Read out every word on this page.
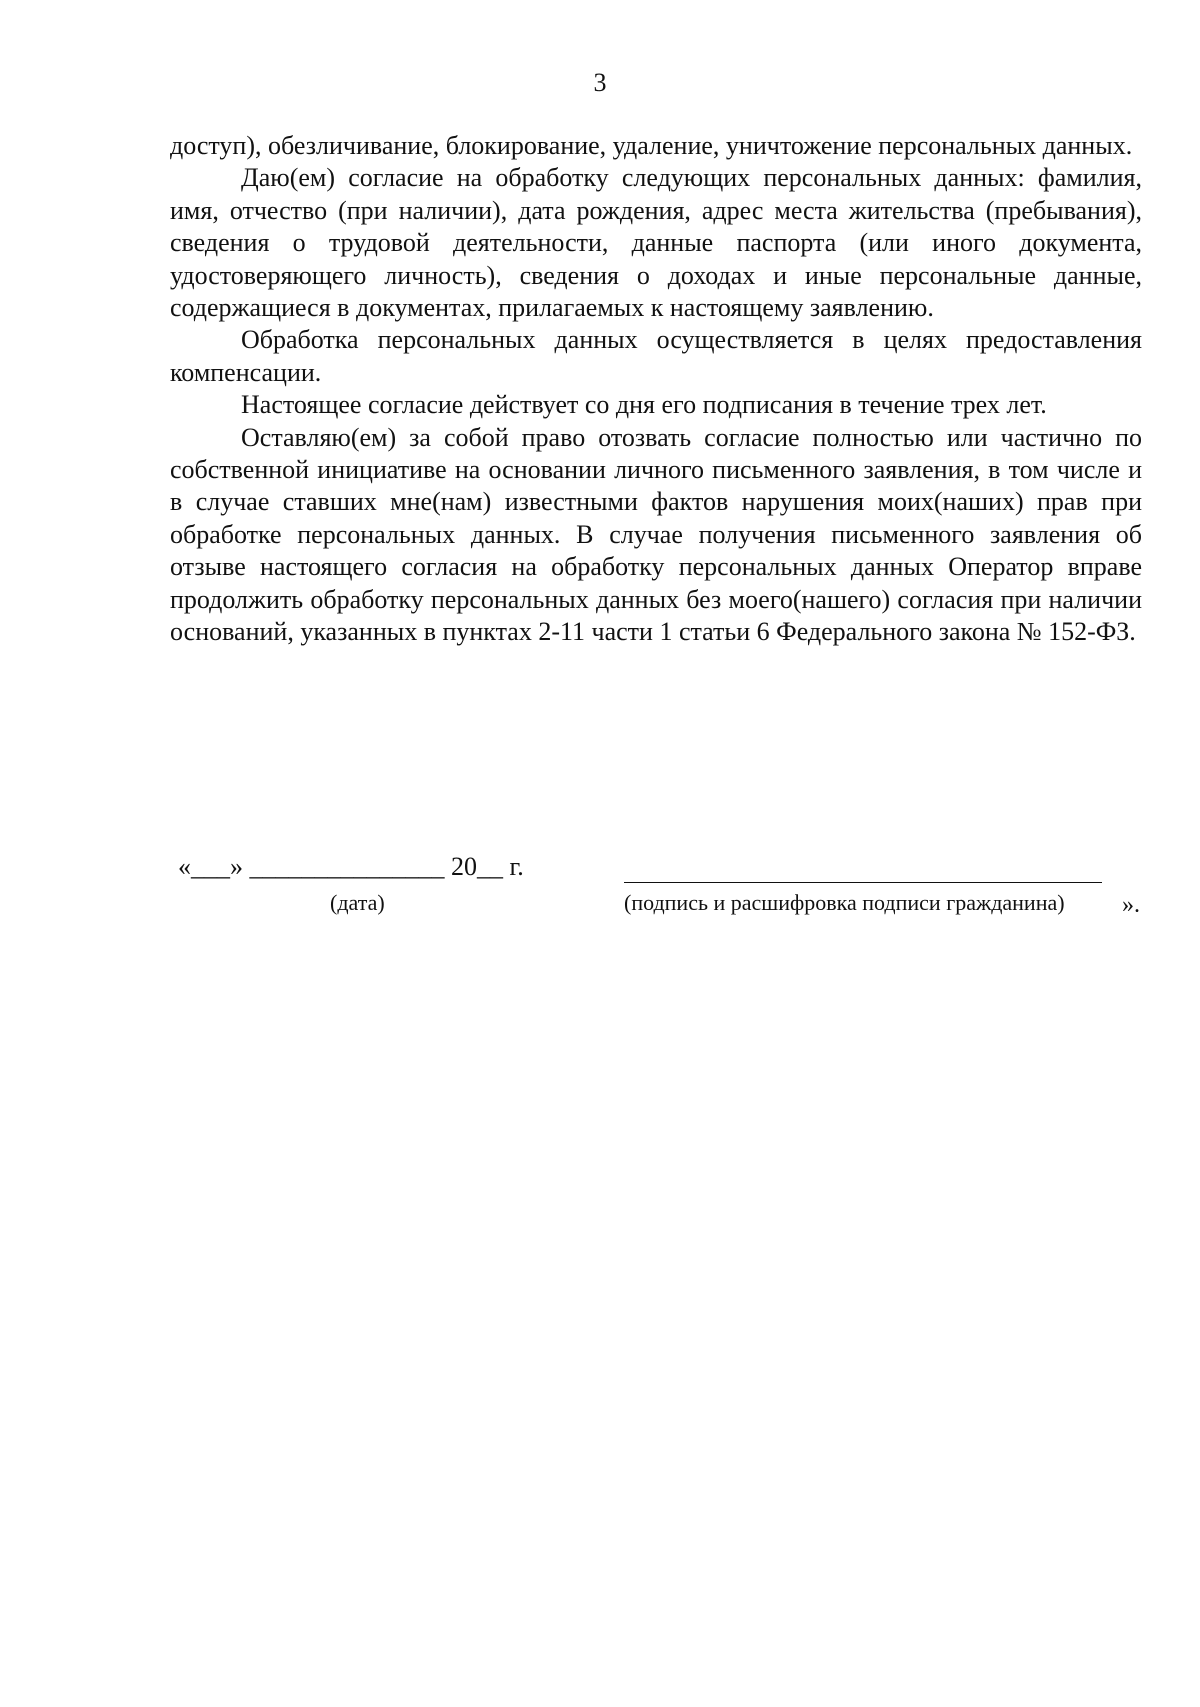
3

доступ), обезличивание, блокирование, удаление, уничтожение персональных данных.

Даю(ем) согласие на обработку следующих персональных данных: фамилия, имя, отчество (при наличии), дата рождения, адрес места жительства (пребывания), сведения о трудовой деятельности, данные паспорта (или иного документа, удостоверяющего личность), сведения о доходах и иные персональные данные, содержащиеся в документах, прилагаемых к настоящему заявлению.

Обработка персональных данных осуществляется в целях предоставления компенсации.

Настоящее согласие действует со дня его подписания в течение трех лет.

Оставляю(ем) за собой право отозвать согласие полностью или частично по собственной инициативе на основании личного письменного заявления, в том числе и в случае ставших мне(нам) известными фактов нарушения моих(наших) прав при обработке персональных данных. В случае получения письменного заявления об отзыве настоящего согласия на обработку персональных данных Оператор вправе продолжить обработку персональных данных без моего(нашего) согласия при наличии оснований, указанных в пунктах 2-11 части 1 статьи 6 Федерального закона № 152-ФЗ.

«___» _______________ 20__ г.
(дата)	(подпись и расшифровка подписи гражданина) ».
